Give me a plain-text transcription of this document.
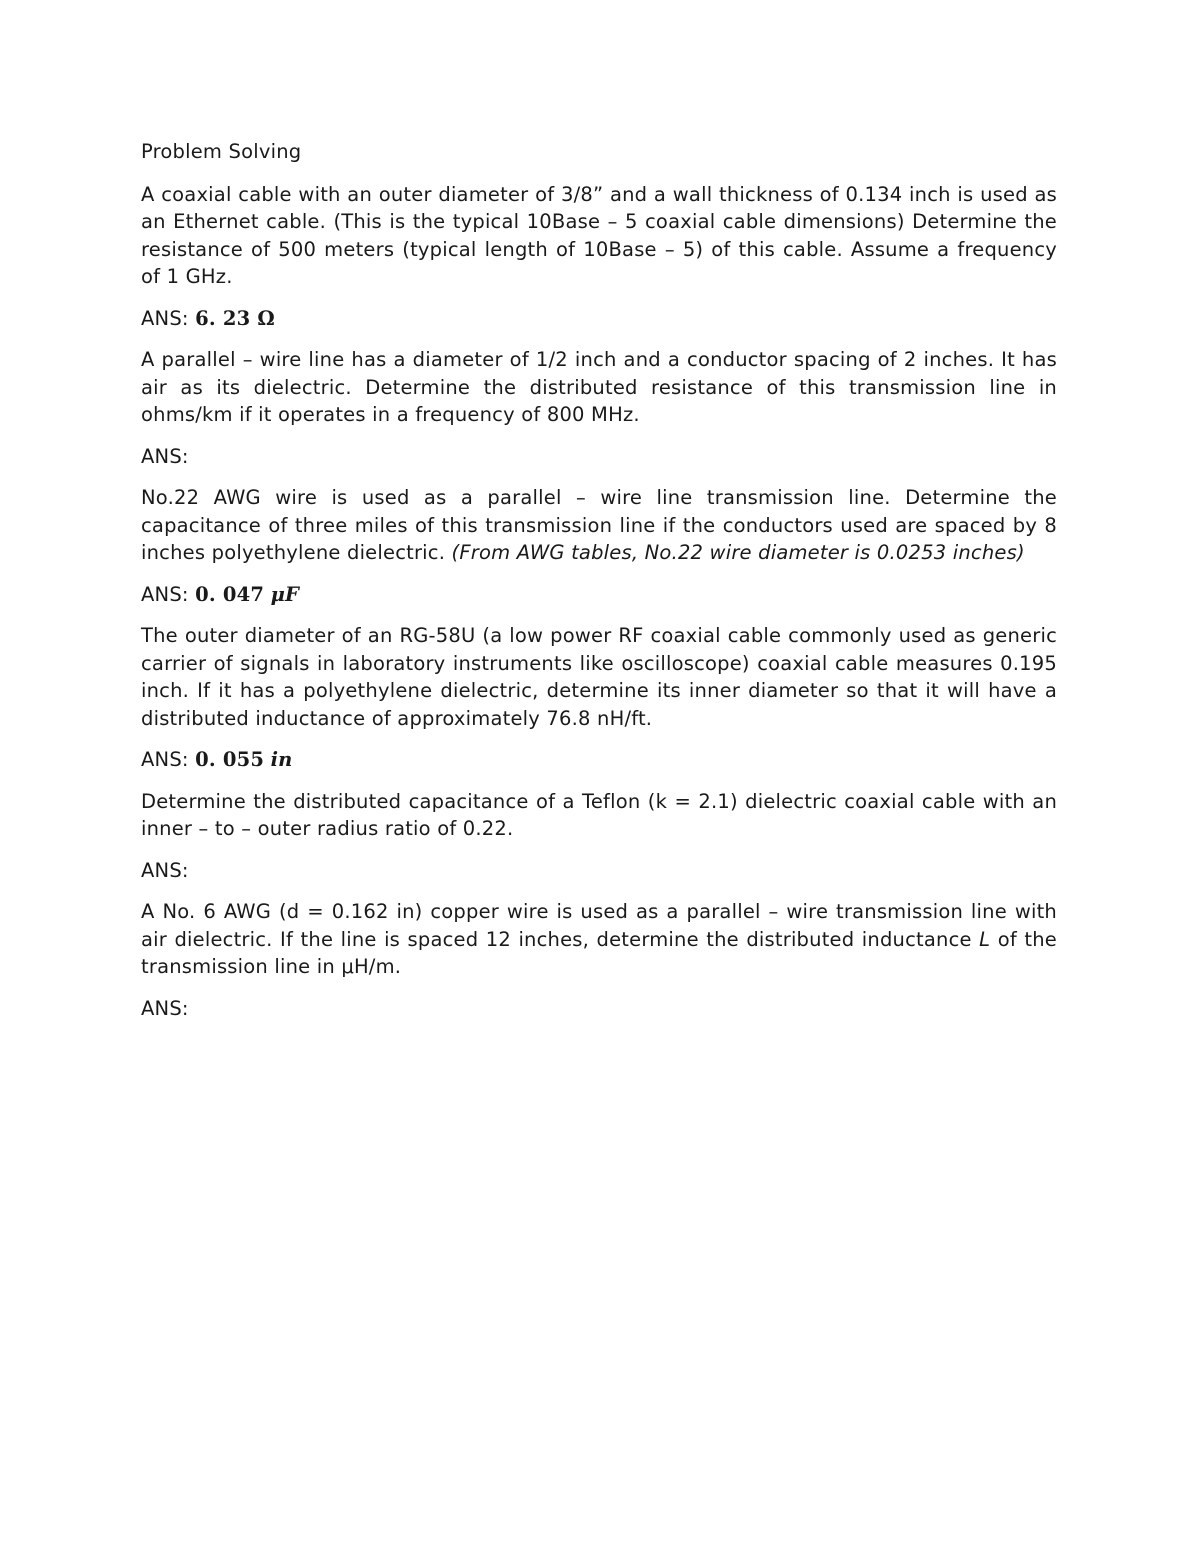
Problem Solving

A coaxial cable with an outer diameter of 3/8” and a wall thickness of 0.134 inch is used as an Ethernet cable. (This is the typical 10Base – 5 coaxial cable dimensions) Determine the resistance of 500 meters (typical length of 10Base – 5) of this cable. Assume a frequency of 1 GHz.

ANS: 6. 23 Ω

A parallel – wire line has a diameter of 1/2 inch and a conductor spacing of 2 inches. It has air as its dielectric. Determine the distributed resistance of this transmission line in ohms/km if it operates in a frequency of 800 MHz.

ANS:

No.22 AWG wire is used as a parallel – wire line transmission line. Determine the capacitance of three miles of this transmission line if the conductors used are spaced by 8 inches polyethylene dielectric. (From AWG tables, No.22 wire diameter is 0.0253 inches)

ANS: 0. 047 μF

The outer diameter of an RG-58U (a low power RF coaxial cable commonly used as generic carrier of signals in laboratory instruments like oscilloscope) coaxial cable measures 0.195 inch. If it has a polyethylene dielectric, determine its inner diameter so that it will have a distributed inductance of approximately 76.8 nH/ft.

ANS: 0. 055 in

Determine the distributed capacitance of a Teflon (k = 2.1) dielectric coaxial cable with an inner – to – outer radius ratio of 0.22.

ANS:

A No. 6 AWG (d = 0.162 in) copper wire is used as a parallel – wire transmission line with air dielectric. If the line is spaced 12 inches, determine the distributed inductance L of the transmission line in μH/m.

ANS:
